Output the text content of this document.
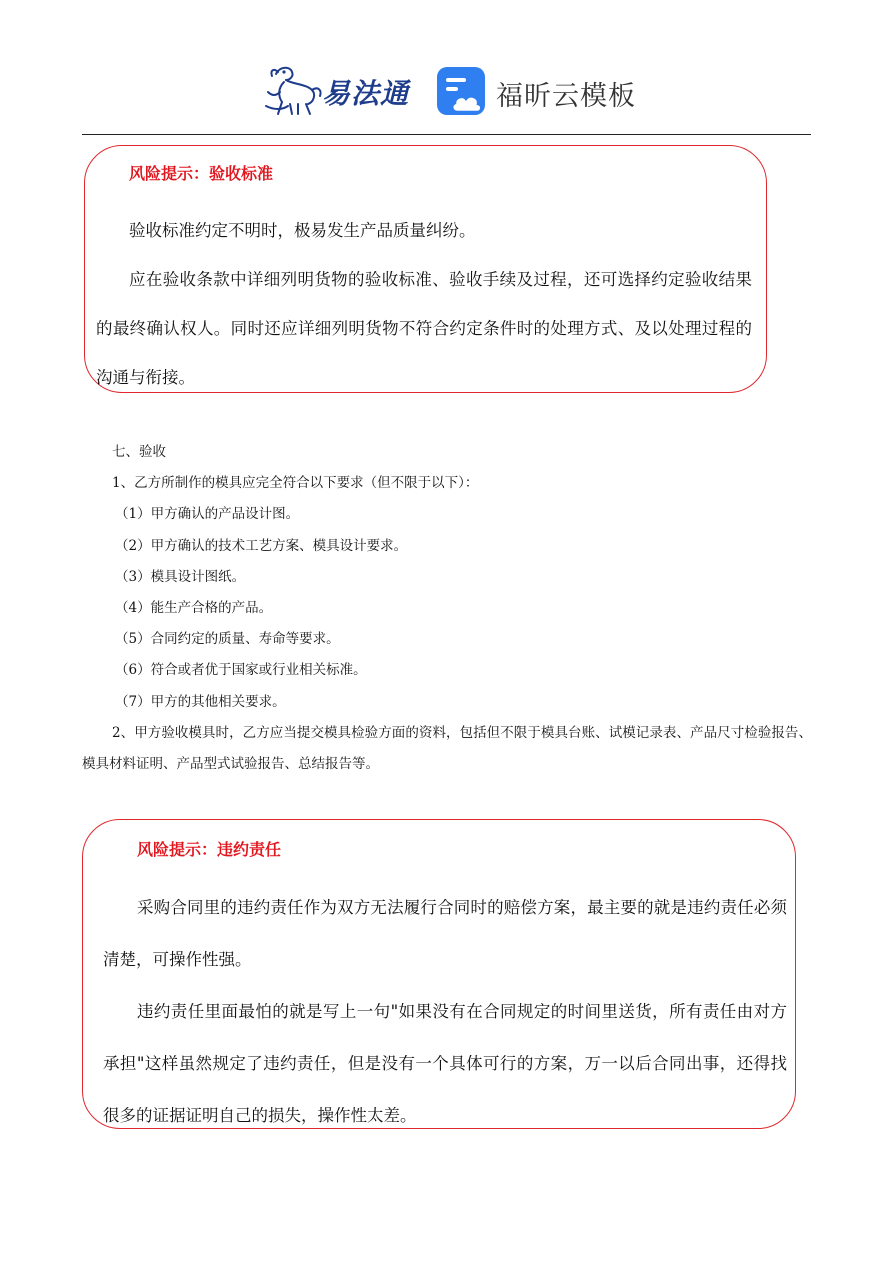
易法通	福昕云模板
风险提示：验收标准

验收标准约定不明时，极易发生产品质量纠纷。

应在验收条款中详细列明货物的验收标准、验收手续及过程，还可选择约定验收结果的最终确认权人。同时还应详细列明货物不符合约定条件时的处理方式、及以处理过程的沟通与衔接。

七、验收
1、乙方所制作的模具应完全符合以下要求（但不限于以下）：
（1）甲方确认的产品设计图。
（2）甲方确认的技术工艺方案、模具设计要求。
（3）模具设计图纸。
（4）能生产合格的产品。
（5）合同约定的质量、寿命等要求。
（6）符合或者优于国家或行业相关标准。
（7）甲方的其他相关要求。

2、甲方验收模具时，乙方应当提交模具检验方面的资料，包括但不限于模具台账、试模记录表、产品尺寸检验报告、模具材料证明、产品型式试验报告、总结报告等。

风险提示：违约责任

采购合同里的违约责任作为双方无法履行合同时的赔偿方案，最主要的就是违约责任必须清楚，可操作性强。

违约责任里面最怕的就是写上一句"如果没有在合同规定的时间里送货，所有责任由对方承担"这样虽然规定了违约责任，但是没有一个具体可行的方案，万一以后合同出事，还得找很多的证据证明自己的损失，操作性太差。
